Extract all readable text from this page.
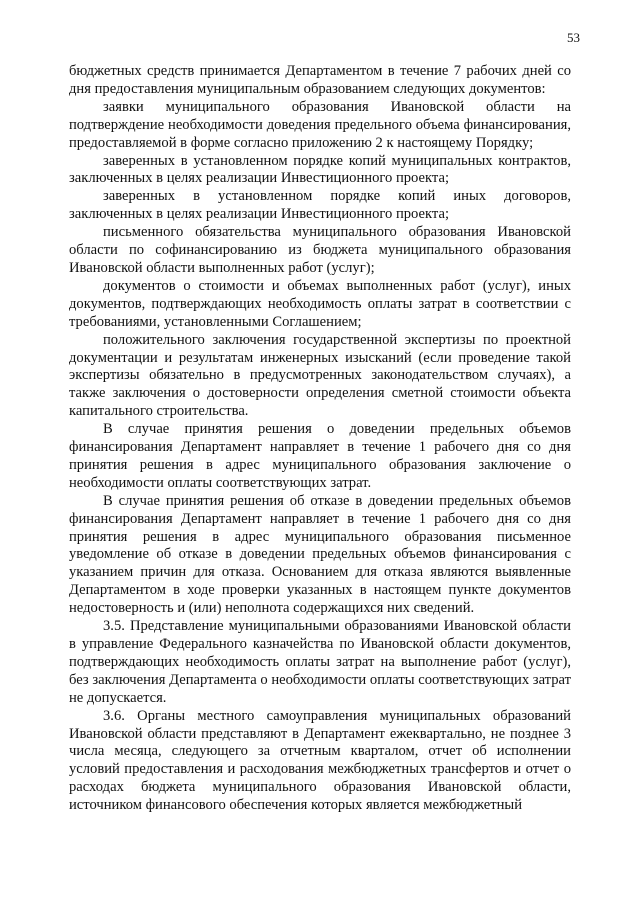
53

бюджетных средств принимается Департаментом в течение 7 рабочих дней со дня предоставления муниципальным образованием следующих документов:

заявки муниципального образования Ивановской области на подтверждение необходимости доведения предельного объема финансирования, предоставляемой в форме согласно приложению 2 к настоящему Порядку;

заверенных в установленном порядке копий муниципальных контрактов, заключенных в целях реализации Инвестиционного проекта;

заверенных в установленном порядке копий иных договоров, заключенных в целях реализации Инвестиционного проекта;

письменного обязательства муниципального образования Ивановской области по софинансированию из бюджета муниципального образования Ивановской области выполненных работ (услуг);

документов о стоимости и объемах выполненных работ (услуг), иных документов, подтверждающих необходимость оплаты затрат в соответствии с требованиями, установленными Соглашением;

положительного заключения государственной экспертизы по проектной документации и результатам инженерных изысканий (если проведение такой экспертизы обязательно в предусмотренных законодательством случаях), а также заключения о достоверности определения сметной стоимости объекта капитального строительства.

В случае принятия решения о доведении предельных объемов финансирования Департамент направляет в течение 1 рабочего дня со дня принятия решения в адрес муниципального образования заключение о необходимости оплаты соответствующих затрат.

В случае принятия решения об отказе в доведении предельных объемов финансирования Департамент направляет в течение 1 рабочего дня со дня принятия решения в адрес муниципального образования письменное уведомление об отказе в доведении предельных объемов финансирования с указанием причин для отказа. Основанием для отказа являются выявленные Департаментом в ходе проверки указанных в настоящем пункте документов недостоверность и (или) неполнота содержащихся них сведений.

3.5. Представление муниципальными образованиями Ивановской области в управление Федерального казначейства по Ивановской области документов, подтверждающих необходимость оплаты затрат на выполнение работ (услуг), без заключения Департамента о необходимости оплаты соответствующих затрат не допускается.

3.6. Органы местного самоуправления муниципальных образований Ивановской области представляют в Департамент ежеквартально, не позднее 3 числа месяца, следующего за отчетным кварталом, отчет об исполнении условий предоставления и расходования межбюджетных трансфертов и отчет о расходах бюджета муниципального образования Ивановской области, источником финансового обеспечения которых является межбюджетный
